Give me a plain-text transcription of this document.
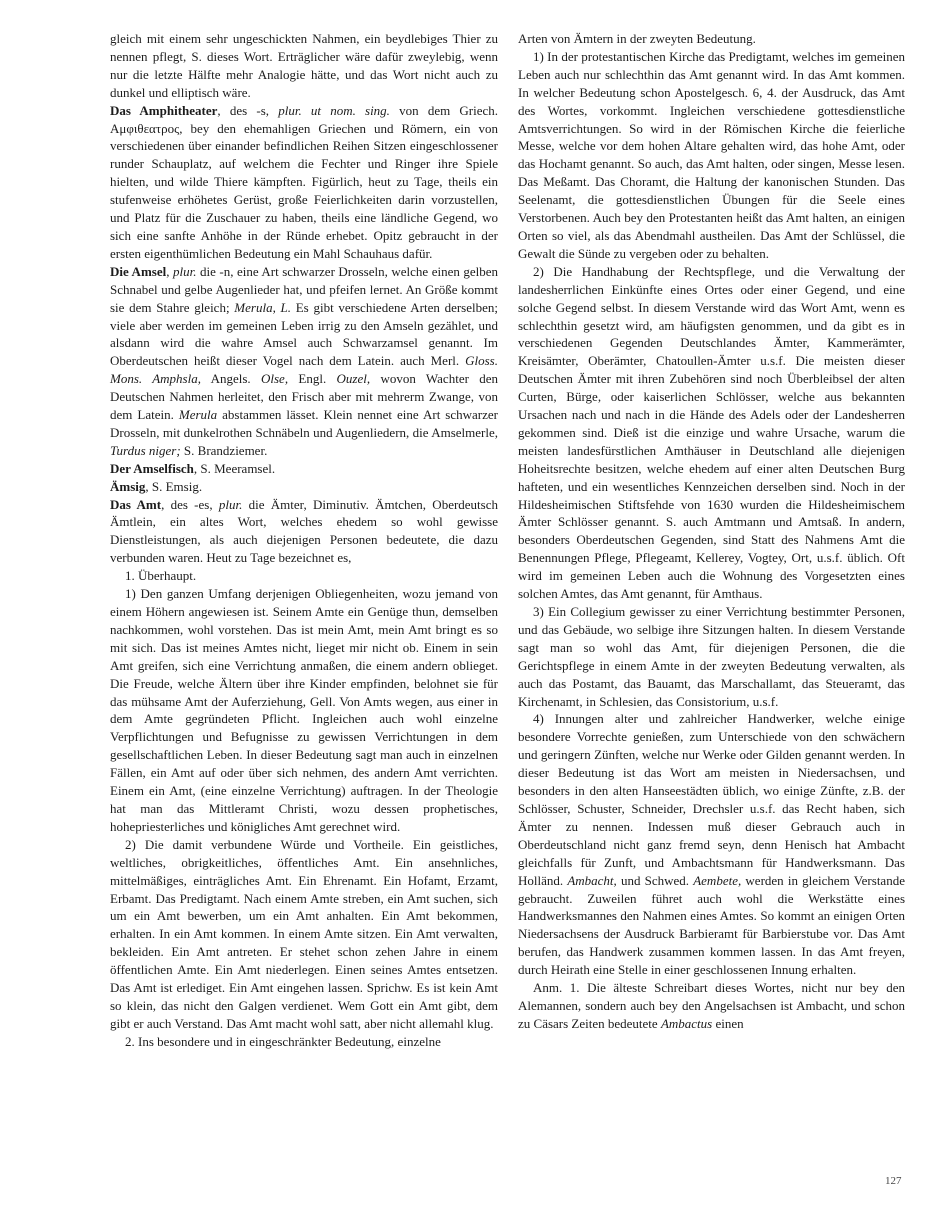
gleich mit einem sehr ungeschickten Nahmen, ein beydlebiges Thier zu nennen pflegt, S. dieses Wort. Erträglicher wäre dafür zweylebig, wenn nur die letzte Hälfte mehr Analogie hätte, und das Wort nicht auch zu dunkel und elliptisch wäre.

Das Amphitheater, des -s, plur. ut nom. sing. von dem Griech. Αμφιθεατρος, bey den ehemahligen Griechen und Römern, ein von verschiedenen über einander befindlichen Reihen Sitzen eingeschlossener runder Schauplatz, auf welchem die Fechter und Ringer ihre Spiele hielten, und wilde Thiere kämpften. Figürlich, heut zu Tage, theils ein stufenweise erhöhetes Gerüst, große Feierlichkeiten darin vorzustellen, und Platz für die Zuschauer zu haben, theils eine ländliche Gegend, wo sich eine sanfte Anhöhe in der Ründe erhebet. Opitz gebraucht in der ersten eigenthümlichen Bedeutung ein Mahl Schauhaus dafür.

Die Amsel, plur. die -n, eine Art schwarzer Drosseln, welche einen gelben Schnabel und gelbe Augenlieder hat, und pfeifen lernet. An Größe kommt sie dem Stahre gleich; Merula, L. Es gibt verschiedene Arten derselben; viele aber werden im gemeinen Leben irrig zu den Amseln gezählet, und alsdann wird die wahre Amsel auch Schwarzamsel genannt. Im Oberdeutschen heißt dieser Vogel nach dem Latein. auch Merl. Gloss. Mons. Amphsla, Angels. Olse, Engl. Ouzel, wovon Wachter den Deutschen Nahmen herleitet, den Frisch aber mit mehrerm Zwange, von dem Latein. Merula abstammen lässet. Klein nennet eine Art schwarzer Drosseln, mit dunkelrothen Schnäbeln und Augenliedern, die Amselmerle, Turdus niger; S. Brandziemer.

Der Amselfisch, S. Meeramsel.

Ämsig, S. Emsig.

Das Amt, des -es, plur. die Ämter, Diminutiv. Ämtchen, Oberdeutsch Ämtlein, ein altes Wort, welches ehedem so wohl gewisse Dienstleistungen, als auch diejenigen Personen bedeutete, die dazu verbunden waren. Heut zu Tage bezeichnet es,

1. Überhaupt.

1) Den ganzen Umfang derjenigen Obliegenheiten, wozu jemand von einem Höhern angewiesen ist. Seinem Amte ein Genüge thun, demselben nachkommen, wohl vorstehen. Das ist mein Amt, mein Amt bringt es so mit sich. Das ist meines Amtes nicht, lieget mir nicht ob. Einem in sein Amt greifen, sich eine Verrichtung anmaßen, die einem andern oblieget. Die Freude, welche Ältern über ihre Kinder empfinden, belohnet sie für das mühsame Amt der Auferziehung, Gell. Von Amts wegen, aus einer in dem Amte gegründeten Pflicht. Ingleichen auch wohl einzelne Verpflichtungen und Befugnisse zu gewissen Verrichtungen in dem gesellschaftlichen Leben. In dieser Bedeutung sagt man auch in einzelnen Fällen, ein Amt auf oder über sich nehmen, des andern Amt verrichten. Einem ein Amt, (eine einzelne Verrichtung) auftragen. In der Theologie hat man das Mittleramt Christi, wozu dessen prophetisches, hohepriesterliches und königliches Amt gerechnet wird.

2) Die damit verbundene Würde und Vortheile. Ein geistliches, weltliches, obrigkeitliches, öffentliches Amt. Ein ansehnliches, mittelmäßiges, einträgliches Amt. Ein Ehrenamt. Ein Hofamt, Erzamt, Erbamt. Das Predigtamt. Nach einem Amte streben, ein Amt suchen, sich um ein Amt bewerben, um ein Amt anhalten. Ein Amt bekommen, erhalten. In ein Amt kommen. In einem Amte sitzen. Ein Amt verwalten, bekleiden. Ein Amt antreten. Er stehet schon zehen Jahre in einem öffentlichen Amte. Ein Amt niederlegen. Einen seines Amtes entsetzen. Das Amt ist erlediget. Ein Amt eingehen lassen. Sprichw. Es ist kein Amt so klein, das nicht den Galgen verdienet. Wem Gott ein Amt gibt, dem gibt er auch Verstand. Das Amt macht wohl satt, aber nicht allemahl klug.

2. Ins besondere und in eingeschränkter Bedeutung, einzelne

Arten von Ämtern in der zweyten Bedeutung.

1) In der protestantischen Kirche das Predigtamt, welches im gemeinen Leben auch nur schlechthin das Amt genannt wird. In das Amt kommen. In welcher Bedeutung schon Apostelgesch. 6, 4. der Ausdruck, das Amt des Wortes, vorkommt. Ingleichen verschiedene gottesdienstliche Amtsverrichtungen. So wird in der Römischen Kirche die feierliche Messe, welche vor dem hohen Altare gehalten wird, das hohe Amt, oder das Hochamt genannt. So auch, das Amt halten, oder singen, Messe lesen. Das Meßamt. Das Choramt, die Haltung der kanonischen Stunden. Das Seelenamt, die gottesdienstlichen Übungen für die Seele eines Verstorbenen. Auch bey den Protestanten heißt das Amt halten, an einigen Orten so viel, als das Abendmahl austheilen. Das Amt der Schlüssel, die Gewalt die Sünde zu vergeben oder zu behalten.

2) Die Handhabung der Rechtspflege, und die Verwaltung der landesherrlichen Einkünfte eines Ortes oder einer Gegend, und eine solche Gegend selbst. In diesem Verstande wird das Wort Amt, wenn es schlechthin gesetzt wird, am häufigsten genommen, und da gibt es in verschiedenen Gegenden Deutschlandes Ämter, Kammerämter, Kreisämter, Oberämter, Chatoullen-Ämter u.s.f. Die meisten dieser Deutschen Ämter mit ihren Zubehören sind noch Überbleibsel der alten Curten, Bürge, oder kaiserlichen Schlösser, welche aus bekannten Ursachen nach und nach in die Hände des Adels oder der Landesherren gekommen sind. Dieß ist die einzige und wahre Ursache, warum die meisten landesfürstlichen Amthäuser in Deutschland alle diejenigen Hoheitsrechte besitzen, welche ehedem auf einer alten Deutschen Burg hafteten, und ein wesentliches Kennzeichen derselben sind. Noch in der Hildesheimischen Stiftsfehde von 1630 wurden die Hildesheimischem Ämter Schlösser genannt. S. auch Amtmann und Amtsaß. In andern, besonders Oberdeutschen Gegenden, sind Statt des Nahmens Amt die Benennungen Pflege, Pflegeamt, Kellerey, Vogtey, Ort, u.s.f. üblich. Oft wird im gemeinen Leben auch die Wohnung des Vorgesetzten eines solchen Amtes, das Amt genannt, für Amthaus.

3) Ein Collegium gewisser zu einer Verrichtung bestimmter Personen, und das Gebäude, wo selbige ihre Sitzungen halten. In diesem Verstande sagt man so wohl das Amt, für diejenigen Personen, die die Gerichtspflege in einem Amte in der zweyten Bedeutung verwalten, als auch das Postamt, das Bauamt, das Marschallamt, das Steueramt, das Kirchenamt, in Schlesien, das Consistorium, u.s.f.

4) Innungen alter und zahlreicher Handwerker, welche einige besondere Vorrechte genießen, zum Unterschiede von den schwächern und geringern Zünften, welche nur Werke oder Gilden genannt werden. In dieser Bedeutung ist das Wort am meisten in Niedersachsen, und besonders in den alten Hanseestädten üblich, wo einige Zünfte, z.B. der Schlösser, Schuster, Schneider, Drechsler u.s.f. das Recht haben, sich Ämter zu nennen. Indessen muß dieser Gebrauch auch in Oberdeutschland nicht ganz fremd seyn, denn Henisch hat Ambacht gleichfalls für Zunft, und Ambachtsmann für Handwerksmann. Das Holländ. Ambacht, und Schwed. Aembete, werden in gleichem Verstande gebraucht. Zuweilen führet auch wohl die Werkstätte eines Handwerksmannes den Nahmen eines Amtes. So kommt an einigen Orten Niedersachsens der Ausdruck Barbieramt für Barbierstube vor. Das Amt berufen, das Handwerk zusammen kommen lassen. In das Amt freyen, durch Heirath eine Stelle in einer geschlossenen Innung erhalten.

Anm. 1. Die älteste Schreibart dieses Wortes, nicht nur bey den Alemannen, sondern auch bey den Angelsachsen ist Ambacht, und schon zu Cäsars Zeiten bedeutete Ambactus einen

127
